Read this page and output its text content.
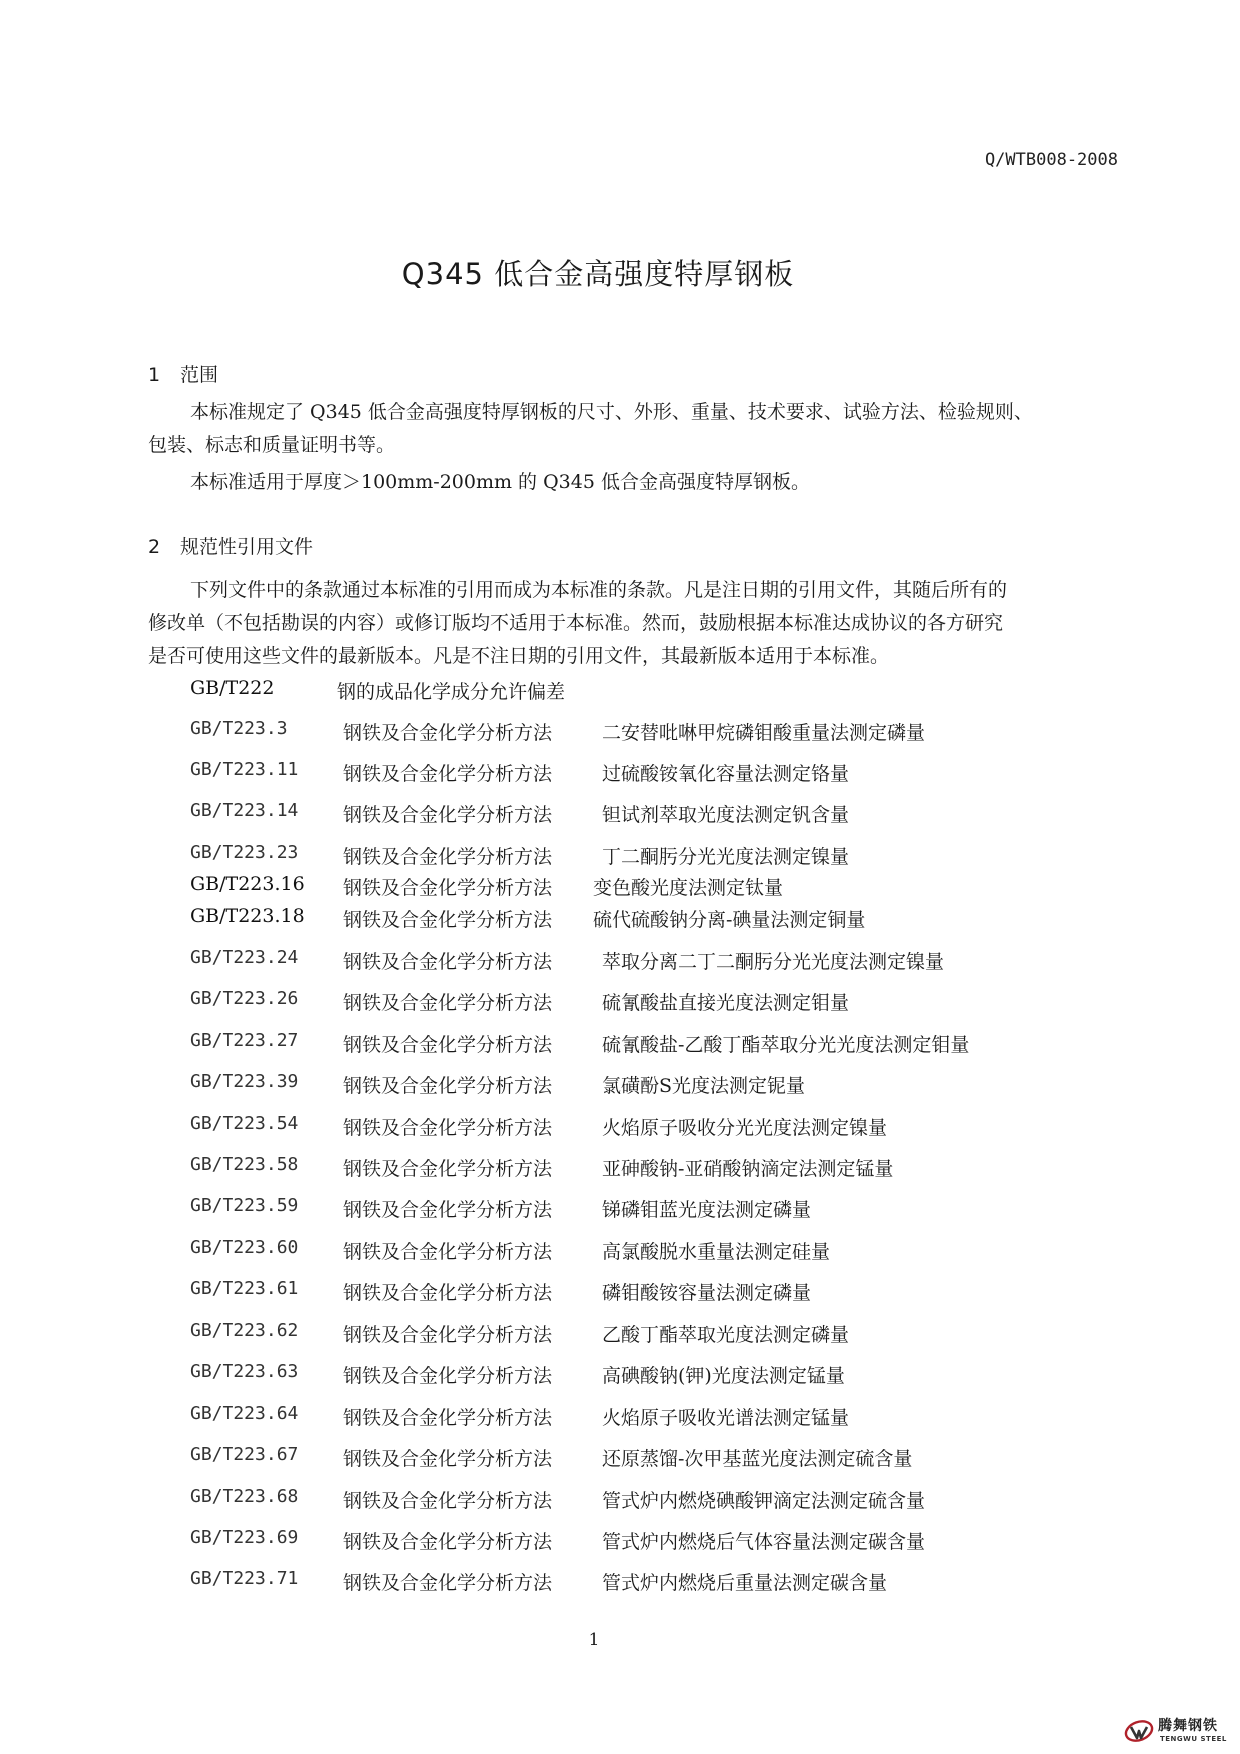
Q/WTB008-2008
Q345 低合金高强度特厚钢板
1 范围

本标准规定了 Q345 低合金高强度特厚钢板的尺寸、外形、重量、技术要求、试验方法、检验规则、
包装、标志和质量证明书等。
本标准适用于厚度＞100mm-200mm 的 Q345 低合金高强度特厚钢板。

2 规范性引用文件

下列文件中的条款通过本标准的引用而成为本标准的条款。凡是注日期的引用文件，其随后所有的
修改单（不包括勘误的内容）或修订版均不适用于本标准。然而，鼓励根据本标准达成协议的各方研究
是否可使用这些文件的最新版本。凡是不注日期的引用文件，其最新版本适用于本标准。

GB/T222	钢的成品化学成分允许偏差
GB/T223.3	钢铁及合金化学分析方法	二安替吡啉甲烷磷钼酸重量法测定磷量
GB/T223.11 钢铁及合金化学分析方法	过硫酸铵氧化容量法测定铬量
GB/T223.14 钢铁及合金化学分析方法	钽试剂萃取光度法测定钒含量
GB/T223.23 钢铁及合金化学分析方法	丁二酮肟分光光度法测定镍量
GB/T223.16 钢铁及合金化学分析方法 变色酸光度法测定钛量
GB/T223.18 钢铁及合金化学分析方法 硫代硫酸钠分离-碘量法测定铜量
GB/T223.24 钢铁及合金化学分析方法	萃取分离二丁二酮肟分光光度法测定镍量
GB/T223.26 钢铁及合金化学分析方法	硫氰酸盐直接光度法测定钼量
GB/T223.27 钢铁及合金化学分析方法	硫氰酸盐-乙酸丁酯萃取分光光度法测定钼量
GB/T223.39 钢铁及合金化学分析方法	氯磺酚S光度法测定铌量
GB/T223.54 钢铁及合金化学分析方法	火焰原子吸收分光光度法测定镍量
GB/T223.58 钢铁及合金化学分析方法	亚砷酸钠-亚硝酸钠滴定法测定锰量
GB/T223.59 钢铁及合金化学分析方法	锑磷钼蓝光度法测定磷量
GB/T223.60 钢铁及合金化学分析方法	高氯酸脱水重量法测定硅量
GB/T223.61 钢铁及合金化学分析方法	磷钼酸铵容量法测定磷量
GB/T223.62 钢铁及合金化学分析方法	乙酸丁酯萃取光度法测定磷量
GB/T223.63 钢铁及合金化学分析方法	高碘酸钠(钾)光度法测定锰量
GB/T223.64 钢铁及合金化学分析方法	火焰原子吸收光谱法测定锰量
GB/T223.67 钢铁及合金化学分析方法	还原蒸馏-次甲基蓝光度法测定硫含量
GB/T223.68 钢铁及合金化学分析方法	管式炉内燃烧碘酸钾滴定法测定硫含量
GB/T223.69 钢铁及合金化学分析方法	管式炉内燃烧后气体容量法测定碳含量
GB/T223.71 钢铁及合金化学分析方法	管式炉内燃烧后重量法测定碳含量
1
腾舞钢铁
TENGWU STEEL
